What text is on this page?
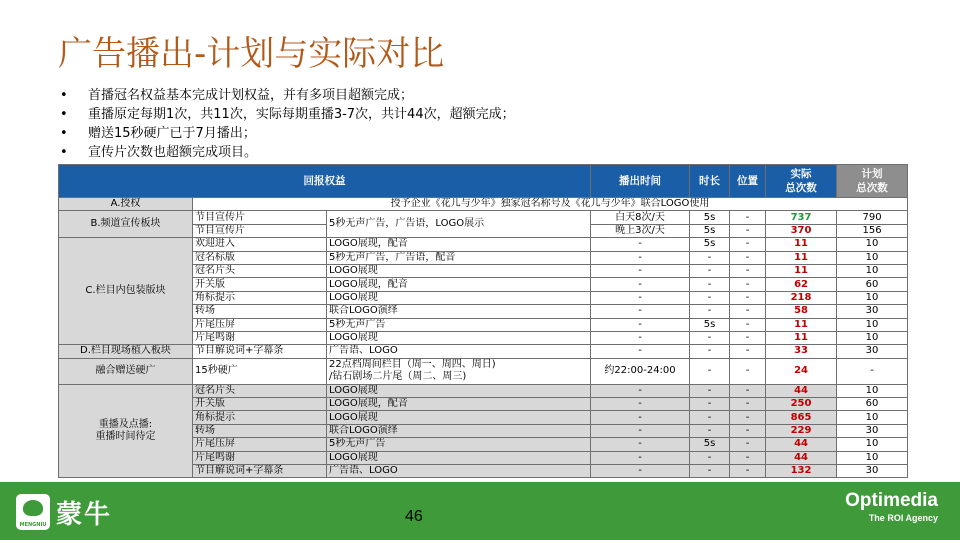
广告播出-计划与实际对比
• 首播冠名权益基本完成计划权益，并有多项目超额完成；
• 重播原定每期1次，共11次，实际每期重播3-7次，共计44次，超额完成；
• 赠送15秒硬广已于7月播出；
• 宣传片次数也超额完成项目。
回报权益			播出时间	时长	位置	实际
总次数	计划
总次数

A.授权	授予企业《花儿与少年》独家冠名称号及《花儿与少年》联合LOGO使用						
B.频道宣传板块	节目宣传片	5秒无声广告，广告语，LOGO展示	白天8次/天	5s	-	737	790
	节目宣传片		晚上3次/天	5s	-	370	156
C.栏目内包装版块	欢迎进入	LOGO展现，配音	-	5s	-	11	10
	冠名标版	5秒无声广告，广告语，配音	-	-	-	11	10
	冠名片头	LOGO展现	-	-	-	11	10
	开关版	LOGO展现，配音	-	-	-	62	60
	角标提示	LOGO展现	-	-	-	218	10
	转场	联合LOGO演绎	-	-	-	58	30
	片尾压屏	5秒无声广告	-	5s	-	11	10
	片尾鸣谢	LOGO展现	-	-	-	11	10
D.栏目现场植入板块	节目解说词+字幕条	广告语、LOGO	-	-	-	33	30
融合赠送硬广	15秒硬广	22点档周间栏目（周一、周四、周日)
/钻石剧场二片尾（周二、周三)	约22:00-24:00	-	-	24	-

重播及点播:
重播时间待定	冠名片头	LOGO展现	-	-	-	44	10
	开关版	LOGO展现，配音	-	-	-	250	60
	角标提示	LOGO展现	-	-	-	865	10
	转场	联合LOGO演绎	-	-	-	229	30
	片尾压屏	5秒无声广告	-	5s	-	44	10
	片尾鸣谢	LOGO展现	-	-	-	44	10
	节目解说词+字幕条	广告语、LOGO	-	-	-	132	30
MENGNIU 蒙牛	46
Optimedia
The ROI Agency
